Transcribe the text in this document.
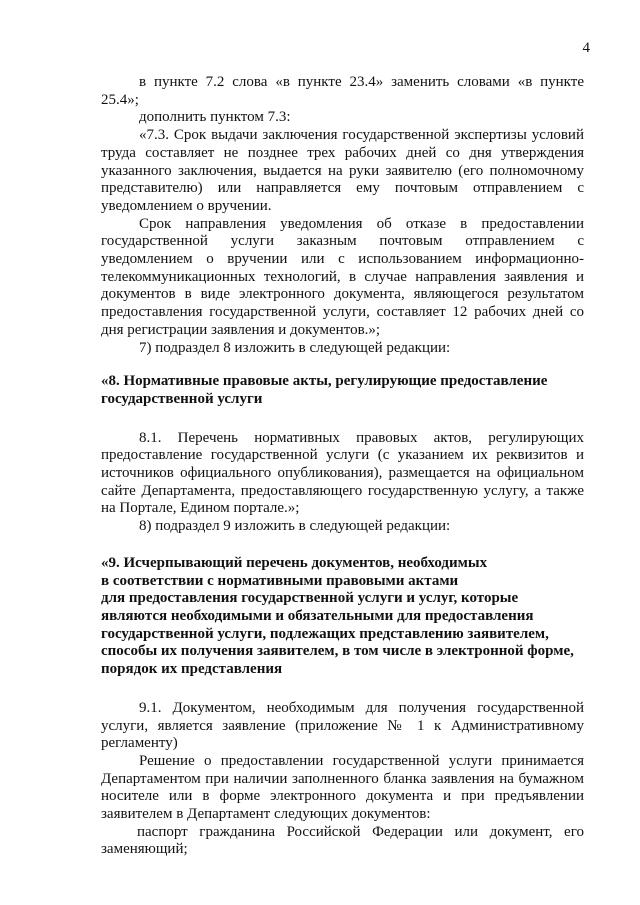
4

в пункте 7.2 слова «в пункте 23.4» заменить словами «в пункте 25.4»;

дополнить пунктом 7.3:

«7.3. Срок выдачи заключения государственной экспертизы условий труда составляет не позднее трех рабочих дней со дня утверждения указанного заключения, выдается на руки заявителю (его полномочному представителю) или направляется ему почтовым отправлением с уведомлением о вручении.

Срок направления уведомления об отказе в предоставлении государственной услуги заказным почтовым отправлением с уведомлением о вручении или с использованием информационно-телекоммуникационных технологий, в случае направления заявления и документов в виде электронного документа, являющегося результатом предоставления государственной услуги, составляет 12 рабочих дней со дня регистрации заявления и документов.»;

7) подраздел 8 изложить в следующей редакции:

«8. Нормативные правовые акты, регулирующие предоставление

государственной услуги

8.1. Перечень нормативных правовых актов, регулирующих предоставление государственной услуги (с указанием их реквизитов и источников официального опубликования), размещается на официальном сайте Департамента, предоставляющего государственную услугу, а также на Портале, Едином портале.»;

8) подраздел 9 изложить в следующей редакции:

«9. Исчерпывающий перечень документов, необходимых

в соответствии с нормативными правовыми актами

для предоставления государственной услуги и услуг, которые

являются необходимыми и обязательными для предоставления

государственной услуги, подлежащих представлению заявителем,

способы их получения заявителем, в том числе в электронной форме,

порядок их представления

9.1. Документом, необходимым для получения государственной услуги, является заявление (приложение № 1 к Административному регламенту)

Решение о предоставлении государственной услуги принимается Департаментом при наличии заполненного бланка заявления на бумажном носителе или в форме электронного документа и при предъявлении заявителем в Департамент следующих документов:

паспорт гражданина Российской Федерации или документ, его заменяющий;
